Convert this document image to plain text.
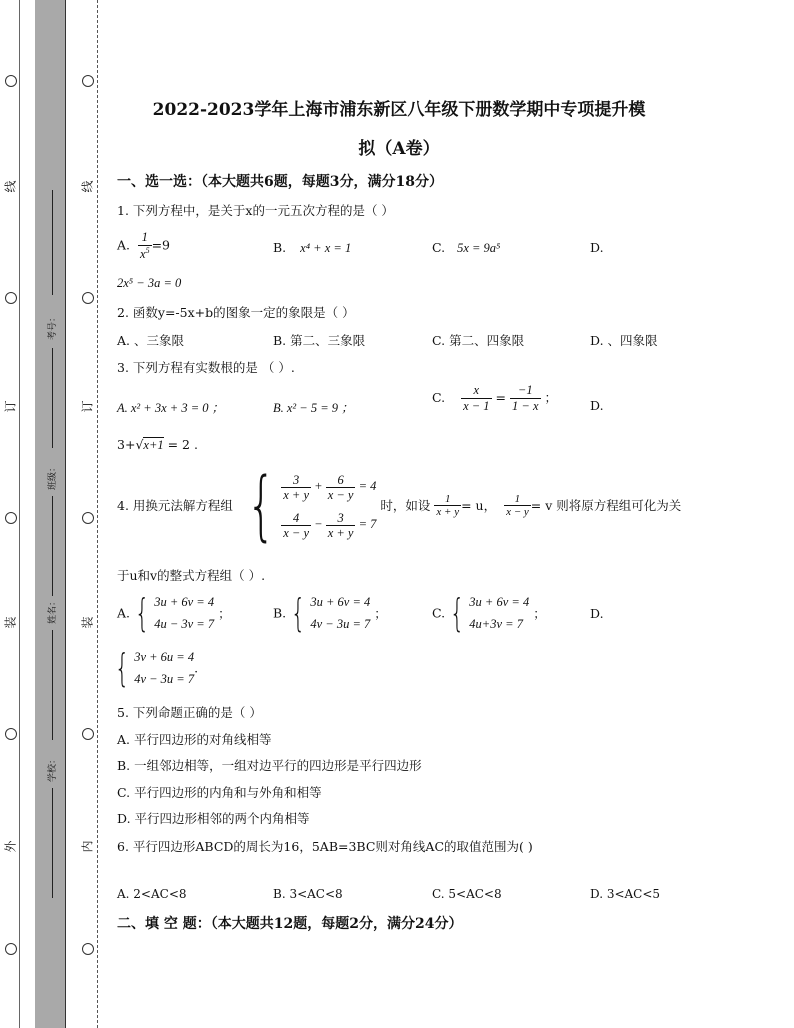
线
订
装
外
线
订
装
内
考号：
班级：
姓名：
学校：
2022-2023学年上海市浦东新区八年级下册数学期中专项提升模
拟（A卷）
一、选一选：（本大题共6题，每题3分，满分18分）
1. 下列方程中，是关于x的一元五次方程的是（ ）
A. $\frac{1}{x^5} =9$	B. x⁴ + x = 1	C. 5x = 9a⁵	D.
2x⁵ − 3a = 0
2. 函数y=-5x+b的图象一定的象限是（ ）
A. 、三象限	B. 第二、三象限	C. 第二、四象限	D. 、四象限
3. 下列方程有实数根的是 （ ）.
A. x² + 3x + 3 = 0 ；	B. x² − 5 = 9 ；
C. $\frac{x}{x - 1} = \frac{-1}{1 - x}$ ；
D.
3+√x+1 = 2 .
4. 用换元法解方程组 { $\frac{3}{x + y} + \frac{6}{x - y} = 4$
$\frac{4}{x - y} - \frac{3}{x + y} = 7$
时，如设 $\frac{1}{x + y} = u$， $\frac{1}{x - y} = v$ 则将原方程组可化为关
于u和v的整式方程组（ ）.
A. { 3u + 6v = 4
4u − 3v = 7
；	B. { 3u + 6v = 4
4v − 3u = 7
；	C. { 3u + 6v = 4
4u+3v = 7
；	D.
{ 3v + 6u = 4
4v − 3u = 7
.
5. 下列命题正确的是（ ）
A. 平行四边形的对角线相等
B. 一组邻边相等，一组对边平行的四边形是平行四边形
C. 平行四边形的内角和与外角和相等
D. 平行四边形相邻的两个内角相等
6. 平行四边形ABCD的周长为16，5AB=3BC则对角线AC的取值范围为( )
A. 2<AC<8	B. 3<AC<8	C. 5<AC<8	D. 3<AC<5
二、填 空 题：（本大题共12题，每题2分，满分24分）
